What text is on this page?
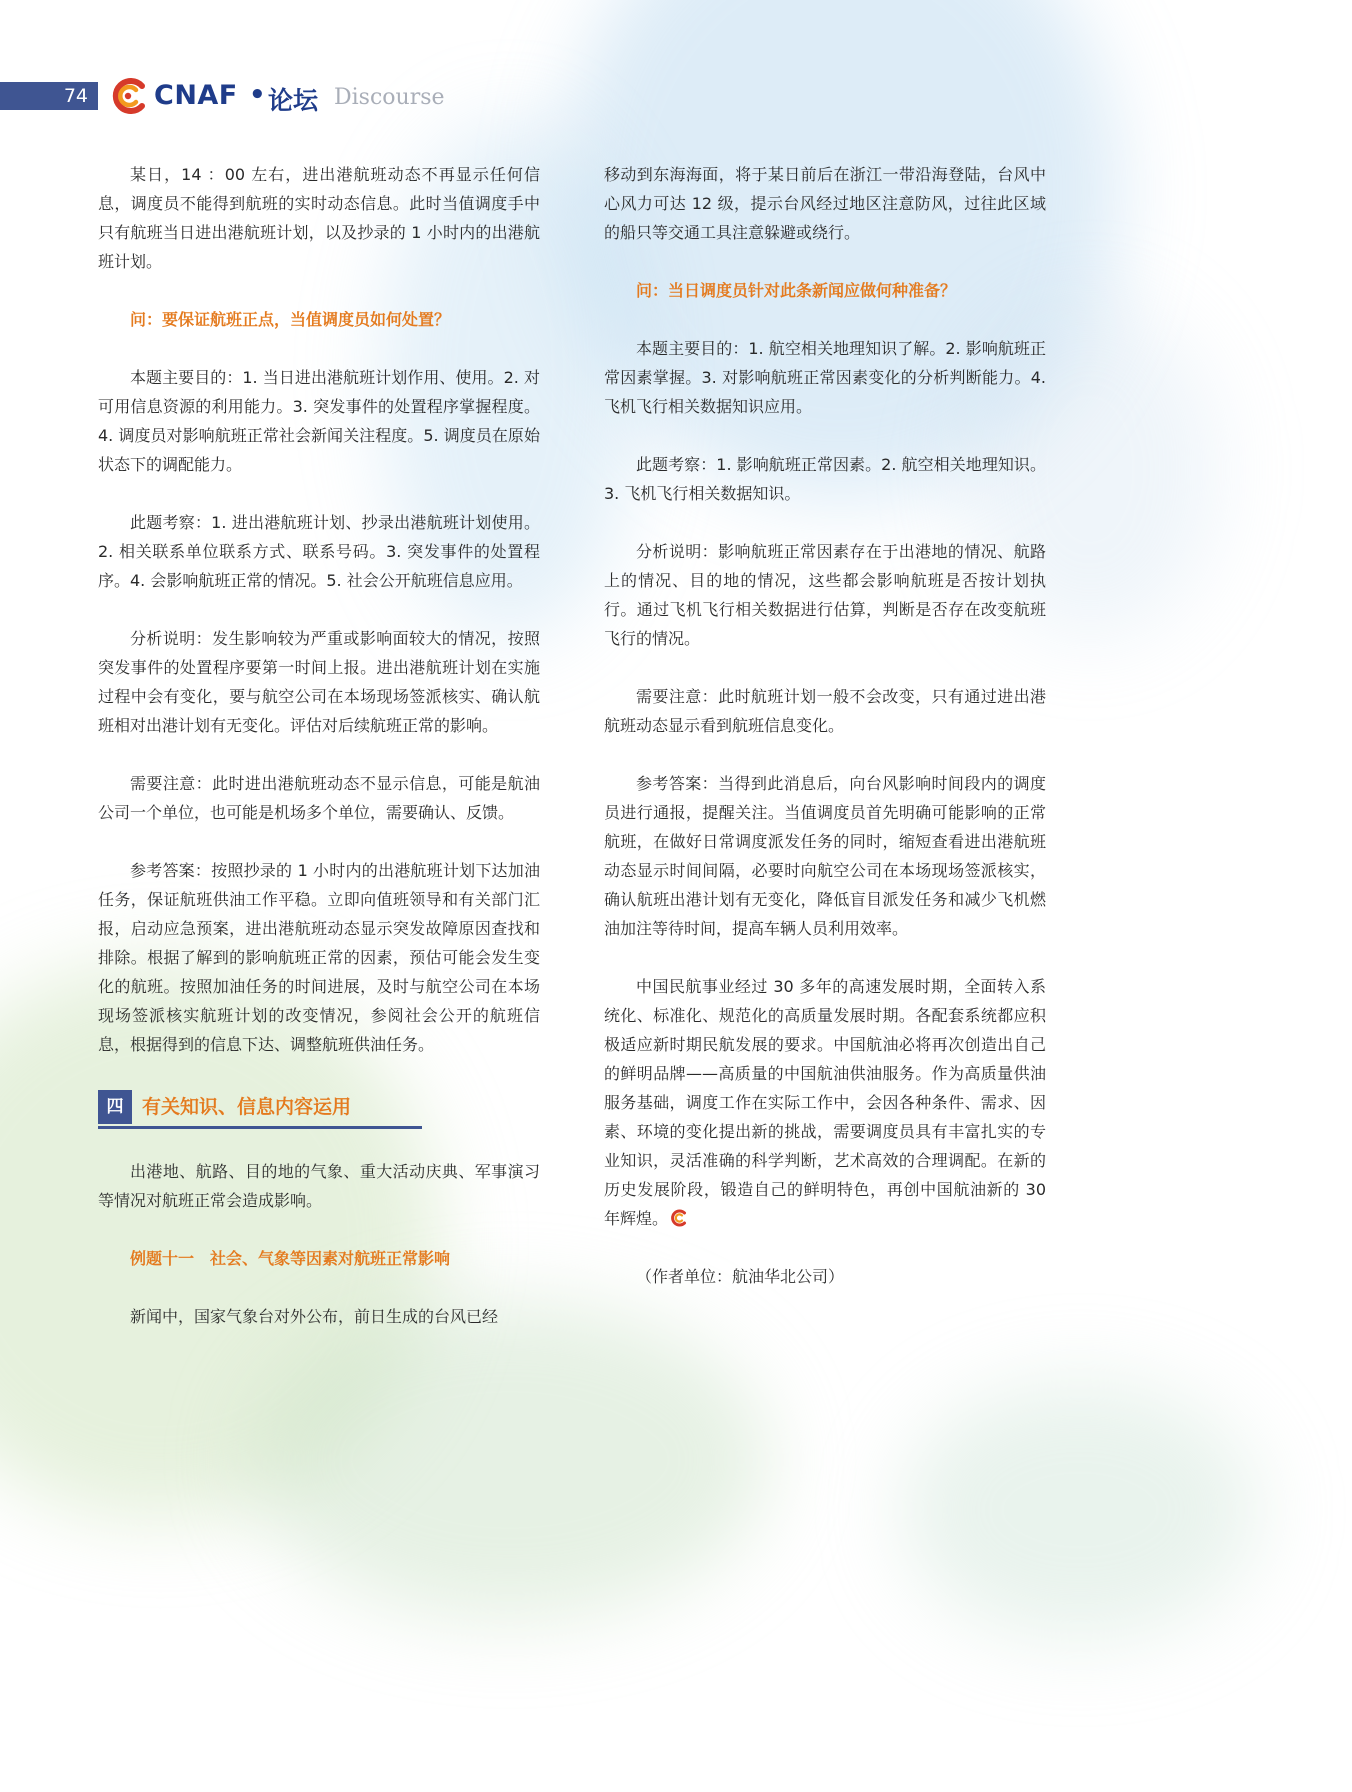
74	CNAF • 论坛 Discourse

某日，14 ：00 左右，进出港航班动态不再显示任何信息，调度员不能得到航班的实时动态信息。此时当值调度手中只有航班当日进出港航班计划，以及抄录的 1 小时内的出港航班计划。

问：要保证航班正点，当值调度员如何处置？

本题主要目的：1. 当日进出港航班计划作用、使用。2. 对可用信息资源的利用能力。3. 突发事件的处置程序掌握程度。4. 调度员对影响航班正常社会新闻关注程度。5. 调度员在原始状态下的调配能力。

此题考察：1. 进出港航班计划、抄录出港航班计划使用。2. 相关联系单位联系方式、联系号码。3. 突发事件的处置程序。4. 会影响航班正常的情况。5. 社会公开航班信息应用。

分析说明：发生影响较为严重或影响面较大的情况，按照突发事件的处置程序要第一时间上报。进出港航班计划在实施过程中会有变化，要与航空公司在本场现场签派核实、确认航班相对出港计划有无变化。评估对后续航班正常的影响。

需要注意：此时进出港航班动态不显示信息，可能是航油公司一个单位，也可能是机场多个单位，需要确认、反馈。

参考答案：按照抄录的 1 小时内的出港航班计划下达加油任务，保证航班供油工作平稳。立即向值班领导和有关部门汇报，启动应急预案，进出港航班动态显示突发故障原因查找和排除。根据了解到的影响航班正常的因素，预估可能会发生变化的航班。按照加油任务的时间进展，及时与航空公司在本场现场签派核实航班计划的改变情况，参阅社会公开的航班信息，根据得到的信息下达、调整航班供油任务。

四 有关知识、信息内容运用

出港地、航路、目的地的气象、重大活动庆典、军事演习等情况对航班正常会造成影响。

例题十一　社会、气象等因素对航班正常影响

新闻中，国家气象台对外公布，前日生成的台风已经

移动到东海海面，将于某日前后在浙江一带沿海登陆，台风中心风力可达 12 级，提示台风经过地区注意防风，过往此区域的船只等交通工具注意躲避或绕行。

问：当日调度员针对此条新闻应做何种准备？

本题主要目的：1. 航空相关地理知识了解。2. 影响航班正常因素掌握。3. 对影响航班正常因素变化的分析判断能力。4. 飞机飞行相关数据知识应用。

此题考察：1. 影响航班正常因素。2. 航空相关地理知识。3. 飞机飞行相关数据知识。

分析说明：影响航班正常因素存在于出港地的情况、航路上的情况、目的地的情况，这些都会影响航班是否按计划执行。通过飞机飞行相关数据进行估算，判断是否存在改变航班飞行的情况。

需要注意：此时航班计划一般不会改变，只有通过进出港航班动态显示看到航班信息变化。

参考答案：当得到此消息后，向台风影响时间段内的调度员进行通报，提醒关注。当值调度员首先明确可能影响的正常航班，在做好日常调度派发任务的同时，缩短查看进出港航班动态显示时间间隔，必要时向航空公司在本场现场签派核实，确认航班出港计划有无变化，降低盲目派发任务和减少飞机燃油加注等待时间，提高车辆人员利用效率。

中国民航事业经过 30 多年的高速发展时期，全面转入系统化、标准化、规范化的高质量发展时期。各配套系统都应积极适应新时期民航发展的要求。中国航油必将再次创造出自己的鲜明品牌——高质量的中国航油供油服务。作为高质量供油服务基础，调度工作在实际工作中，会因各种条件、需求、因素、环境的变化提出新的挑战，需要调度员具有丰富扎实的专业知识，灵活准确的科学判断，艺术高效的合理调配。在新的历史发展阶段，锻造自己的鲜明特色，再创中国航油新的 30 年辉煌。

（作者单位：航油华北公司）
